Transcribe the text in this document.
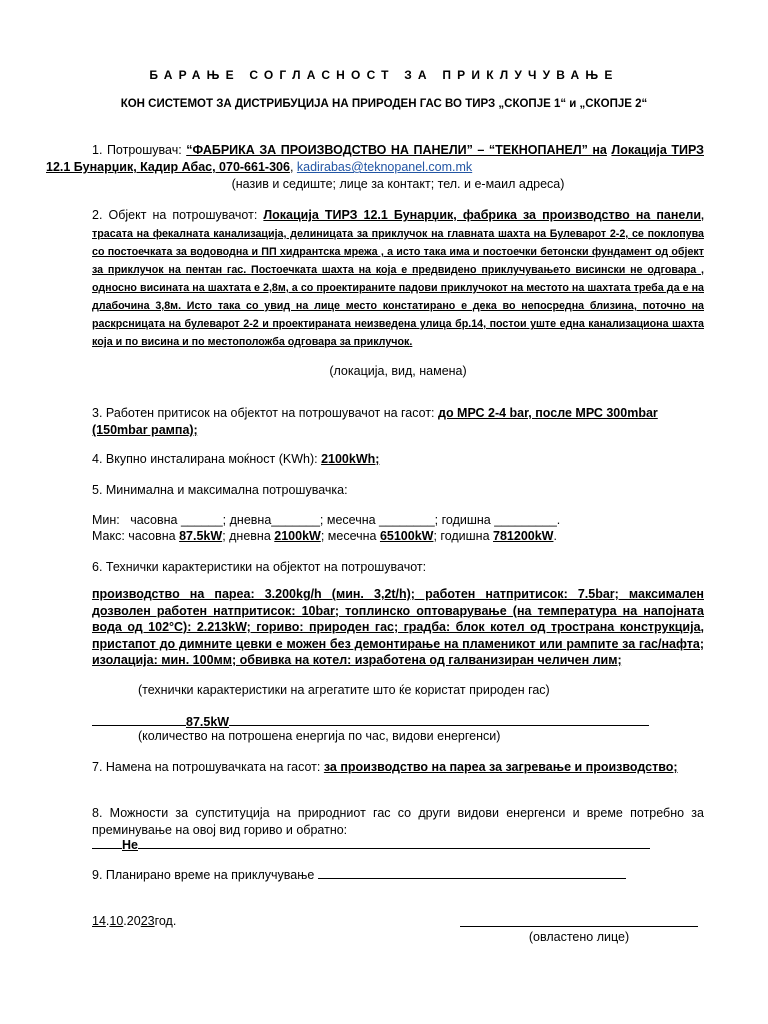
БАРАЊЕ СОГЛАСНОСТ ЗА ПРИКЛУЧУВАЊЕ
КОН СИСТЕМОТ ЗА ДИСТРИБУЦИЈА НА ПРИРОДЕН ГАС ВО ТИРЗ „СКОПЈЕ 1“ и „СКОПЈЕ 2“
1. Потрошувач: “ФАБРИКА ЗА ПРОИЗВОДСТВО НА ПАНЕЛИ” – “ТЕКНОПАНЕЛ” на Локација ТИРЗ 12.1 Бунарџик, Кадир Абас, 070-661-306, kadirabas@teknopanel.com.mk
(назив и седиште; лице за контакт; тел. и е-маил адреса)
2. Објект на потрошувачот: Локација ТИРЗ 12.1 Бунарџик, фабрика за производство на панели, трасата на фекалната канализација, делиницата за приклучок на главната шахта на Булеварот 2-2, се поклопува со постоечката за водоводна и ПП хидрантска мрежа , а исто така има и постоечки бетонски фундамент од објект за приклучок на пентан гас. Постоечката шахта на која е предвидено приклучувањето висински не одговара , односно висината на шахтата е 2,8м, а со проектираните падови приклучокот на местото на шахтата треба да е на длабочина 3,8м. Исто така со увид на лице место констатирано е дека во непосредна близина, поточно на раскрсницата на булеварот 2-2 и проектираната неизведена улица бр.14, постои уште една канализациона шахта која и по висина и по местоположба одговара за приклучок.
(локација, вид, намена)
3. Работен притисок на објектот на потрошувачот на гасот: до МРС 2-4 bar, после МРС 300mbar (150mbar рампа);
4. Вкупно инсталирана моќност (KWh): 2100kWh;
5. Минимална и максимална потрошувачка:
Мин:   часовна ______; дневна_______; месечна ________; годишна _________.
Макс: часовна 87.5kW; дневна 2100kW; месечна 65100kW; годишна 781200kW.
6. Технички карактеристики на објектот на потрошувачот:
производство на пареа: 3.200kg/h (мин. 3,2t/h); работен натпритисок: 7.5bar; максимален дозволен работен натпритисок: 10bar; топлинско оптоварување (на температура на напојната вода од 102°C): 2.213kW; гориво: природен гас; градба: блок котел од тространа конструкција, пристапот до димните цевки е можен без демонтирање на пламеникот или рампите за гас/нафта; изолација: мин. 100мм; обвивка на котел: изработена од галванизиран челичен лим;
(технички карактеристики на агрегатите што ќе користат природен гас)
87.5kW
(количество на потрошена енергија по час, видови енергенси)
7. Намена на потрошувачката на гасот: за производство на пареа за загревање и производство;
8. Можности за супституција на природниот гас со други видови енергенси и време потребно за преминување на овој вид гориво и обратно:
Не
9. Планирано време на приклучување
14.10.2023год.
(овластено лице)
